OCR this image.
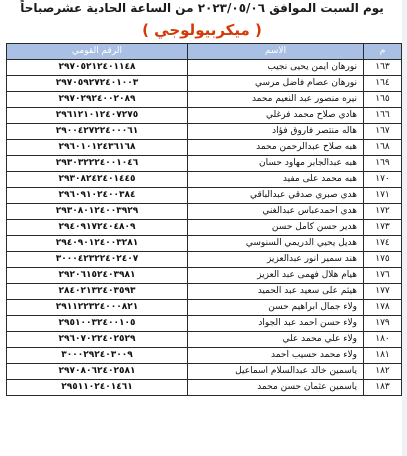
يوم السبت الموافق ٢٠٢٣/٠٥/٠٦ من الساعة الحادية عشرصباحاً
( ميكربيولوجي )
م	الاسم	الرقم القومي
١٦٣	نورهان ايمن يحيى نجيب	٢٩٧٠٥٢١٢٤٠١١٤٨
١٦٤	نورهان عصام فاضل مرسي	٢٩٧٠٥٩٢٧٢٤٠١٠٠٣
١٦٥	نيره منصور عبد النعيم محمد	٢٩٧٠٢٩٢٤٠٠٢٠٨٩
١٦٦	هادي صلاح محمد فرغلي	٢٩٦١٢١٠١٢٤٠٧٢٧٥
١٦٧	هاله منتصر فاروق فؤاد	٢٩٠٠٤٢٧٢٢٤٠٠٠٦١
١٦٨	هبه صلاح عبدالرحمن محمد	٢٩٦٠١٠١٢٤٣٦١٦٨
١٦٩	هبه عبدالجابر مهاود حسان	٢٩٣٠٣٢٢٢٤٠٠١٠٤٦
١٧٠	هبه محمد على مفيد	٢٩٣٠٨٢٤٢٤٠١٤٤٥
١٧١	هدي صبري صدقي عبدالباقي	٢٩٦٠٩١٠٢٤٠٠٣٨٤
١٧٢	هدي احمدعباس عبدالغني	٢٩٣٠٨٠١٢٤٠٠٣٩٢٩
١٧٣	هدير حسن كامل حسن	٢٩٤٠٩١٧٢٤٠٤٨٠٩
١٧٤	هديل يحيي الدريمي السنوسي	٢٩٤٠٩٠١٢٤٠٠٣٢٨١
١٧٥	هند سمير انور عبدالعزيز	٣٠٠٠٤٢٣٢٢٤٠٢٤٠٧
١٧٦	هيام هلال فهمى عبد العزيز	٢٩٢٠٦١٥٢٤٠٣٩٨١
١٧٧	هيثم على سعيد عبد الحميد	٢٨٤٠٢١٣٢٤٠٣٥٩٣
١٧٨	ولاء جمال ابراهيم حسن	٢٩١١٢٢٣٢٤٠٠٠٨٢١
١٧٩	ولاء حسن احمد عبد الجواد	٢٩٥١٠٠٣٢٤٠٠١٠٥
١٨٠	ولاء علي محمد علي	٢٩٦٠٧٠٢٢٤٠٢٥٢٩
١٨١	ولاء محمد حسيب احمد	٣٠٠٠٢٩٢٤٠٣٠٠٩
١٨٢	ياسمين خالد عبدالسلام اسماعيل	٢٩٧٠٨٠٦٢٤٠٢٥٨١
١٨٣	ياسمين عثمان حسن محمد	٢٩٥١١٠٢٤٠١٤٦١
